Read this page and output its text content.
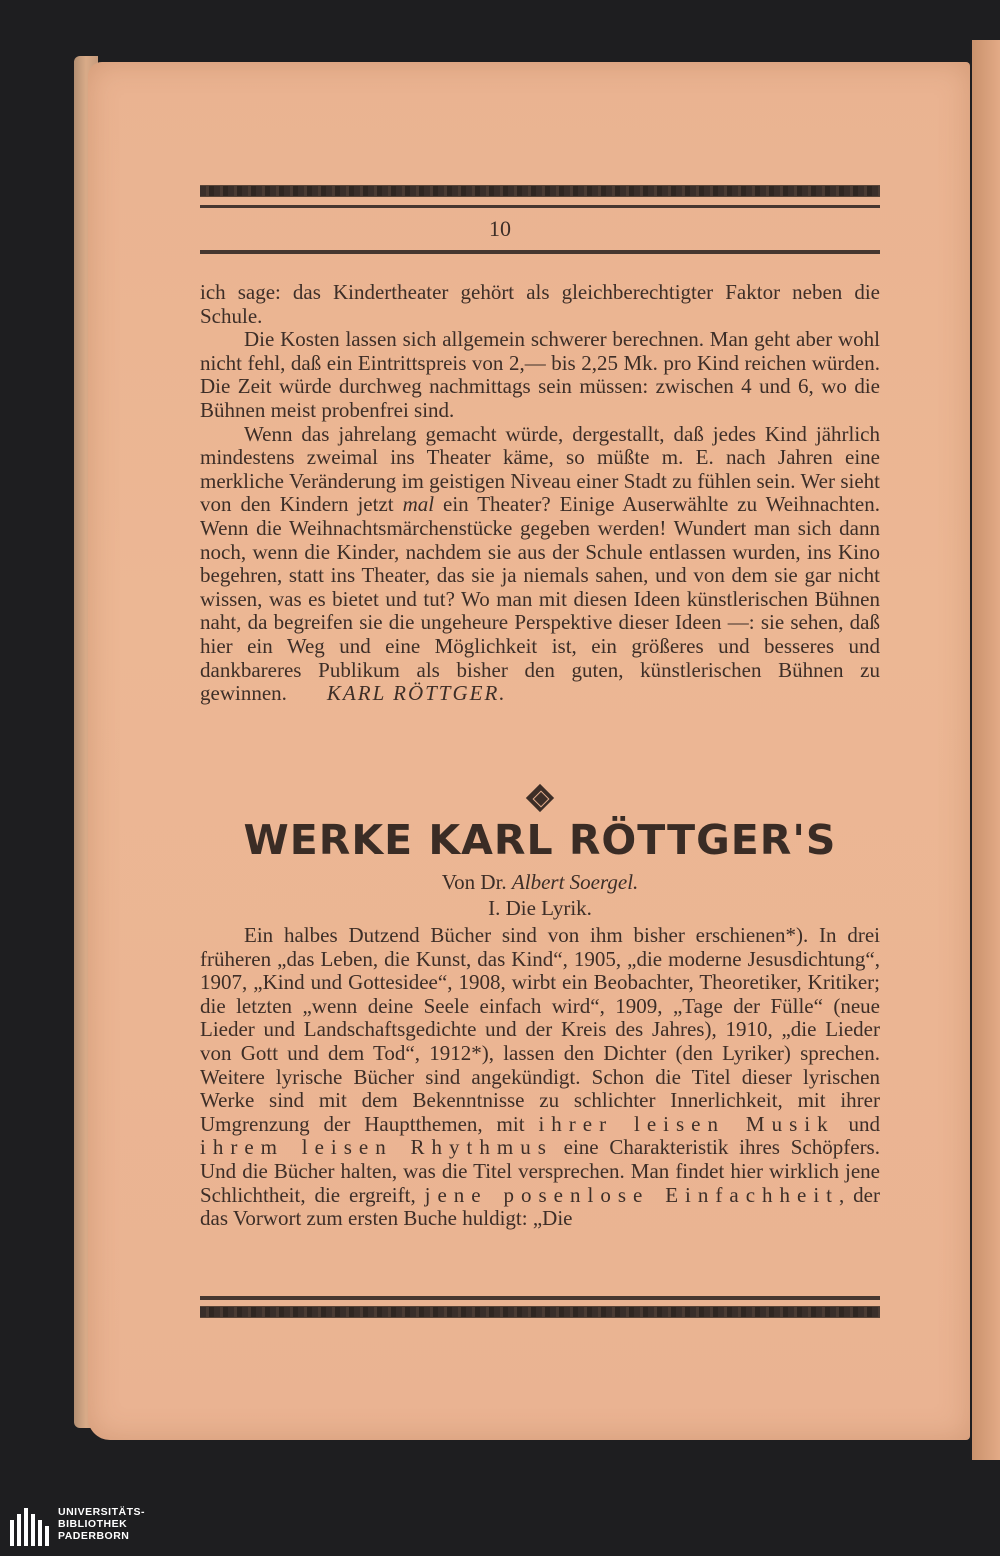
10

ich sage: das Kindertheater gehört als gleichberechtigter Faktor neben die Schule.

Die Kosten lassen sich allgemein schwerer berechnen. Man geht aber wohl nicht fehl, daß ein Eintrittspreis von 2,— bis 2,25 Mk. pro Kind reichen würden. Die Zeit würde durchweg nachmittags sein müssen: zwischen 4 und 6, wo die Bühnen meist probenfrei sind.

Wenn das jahrelang gemacht würde, dergestallt, daß jedes Kind jährlich mindestens zweimal ins Theater käme, so müßte m. E. nach Jahren eine merkliche Veränderung im geistigen Niveau einer Stadt zu fühlen sein. Wer sieht von den Kindern jetzt mal ein Theater? Einige Auserwählte zu Weihnachten. Wenn die Weihnachtsmärchenstücke gegeben werden! Wundert man sich dann noch, wenn die Kinder, nachdem sie aus der Schule entlassen wurden, ins Kino begehren, statt ins Theater, das sie ja niemals sahen, und von dem sie gar nicht wissen, was es bietet und tut? Wo man mit diesen Ideen künstlerischen Bühnen naht, da begreifen sie die ungeheure Perspektive dieser Ideen —: sie sehen, daß hier ein Weg und eine Möglichkeit ist, ein größeres und besseres und dankbareres Publikum als bisher den guten, künstlerischen Bühnen zu gewinnen. KARL RÖTTGER.

WERKE KARL RÖTTGER'S
Von Dr. Albert Soergel.
I. Die Lyrik.

Ein halbes Dutzend Bücher sind von ihm bisher erschienen*). In drei früheren „das Leben, die Kunst, das Kind“, 1905, „die moderne Jesusdichtung“, 1907, „Kind und Gottesidee“, 1908, wirbt ein Beobachter, Theoretiker, Kritiker; die letzten „wenn deine Seele einfach wird“, 1909, „Tage der Fülle“ (neue Lieder und Landschaftsgedichte und der Kreis des Jahres), 1910, „die Lieder von Gott und dem Tod“, 1912*), lassen den Dichter (den Lyriker) sprechen. Weitere lyrische Bücher sind angekündigt. Schon die Titel dieser lyrischen Werke sind mit dem Bekenntnisse zu schlichter Innerlichkeit, mit ihrer Umgrenzung der Hauptthemen, mit ihrer leisen Musik und ihrem leisen Rhythmus eine Charakteristik ihres Schöpfers. Und die Bücher halten, was die Titel versprechen. Man findet hier wirklich jene Schlichtheit, die ergreift, jene posenlose Einfachheit, der das Vorwort zum ersten Buche huldigt: „Die

UNIVERSITÄTS-
BIBLIOTHEK
PADERBORN
